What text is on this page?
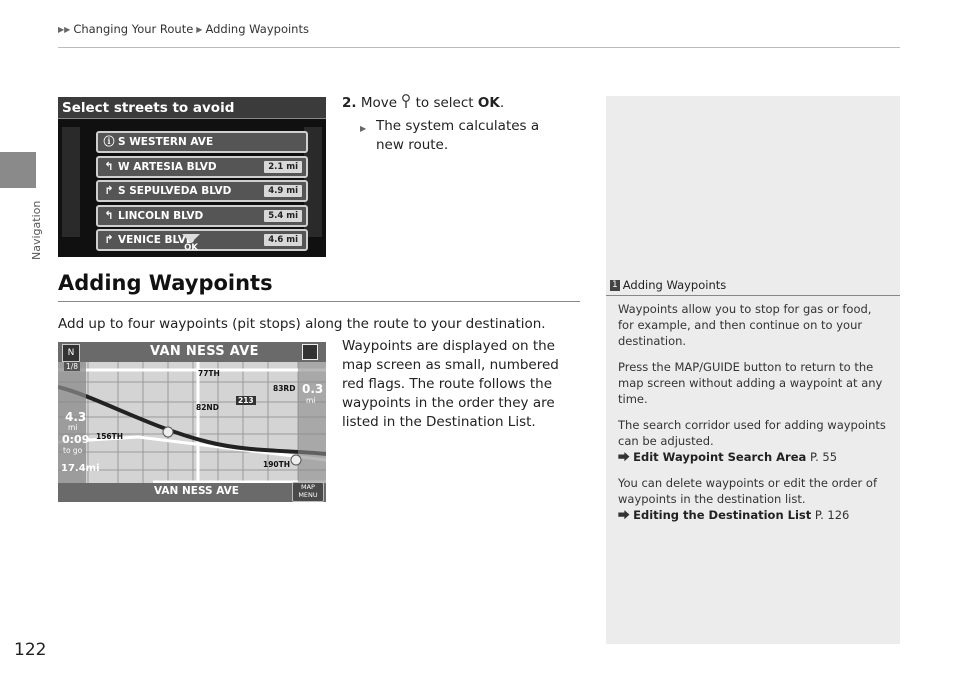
Navigation
▶▶ Changing Your Route ▶ Adding Waypoints
Select streets to avoid
ⓘ S WESTERN AVE
↰ W ARTESIA BLVD	2.1 mi
↱ S SEPULVEDA BLVD	4.9 mi
↰ LINCOLN BLVD	5.4 mi
↱ VENICE BLVD	4.6 mi
OK
2. Move to select OK.
▶ The system calculates a new route.
Adding Waypoints
Add up to four waypoints (pit stops) along the route to your destination.
Waypoints are displayed on the map screen as small, numbered red flags. The route follows the waypoints in the order they are listed in the Destination List.
VAN NESS AVE
VAN NESS AVE
N
1/8
4.3
mi
0:09
to go
17.4mi
0.3
mi
77TH
82ND
83RD
156TH
190TH
213
MAP
MENU
1 Adding Waypoints
Waypoints allow you to stop for gas or food, for example, and then continue on to your destination.
Press the MAP/GUIDE button to return to the map screen without adding a waypoint at any time.
The search corridor used for adding waypoints can be adjusted.
⮕ Edit Waypoint Search Area P. 55
You can delete waypoints or edit the order of waypoints in the destination list.
⮕ Editing the Destination List P. 126
122
